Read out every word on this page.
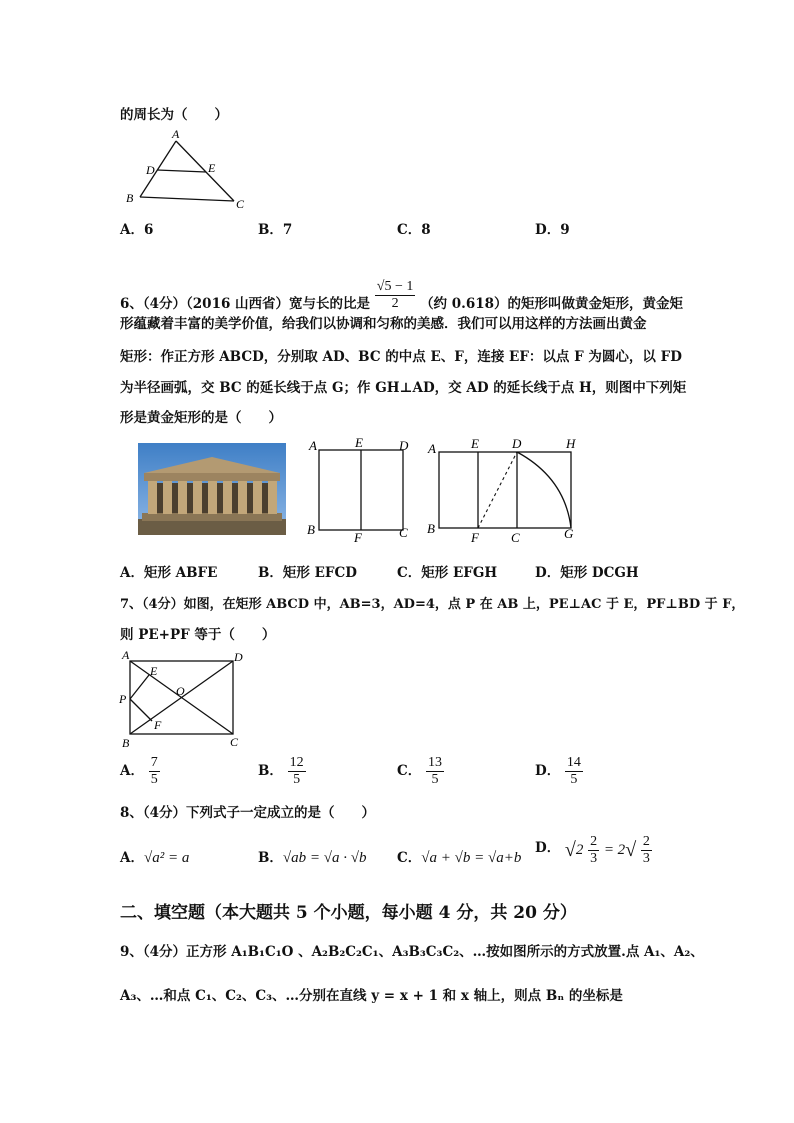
的周长为（　　）
A
D	E
B	C
A．6	B．7	C．8	D．9
6、（4分）（2016 山西省）宽与长的比是 $\frac{√5 - 1}{2}$ （约 0.618）的矩形叫做黄金矩形，黄金矩
形蕴藏着丰富的美学价值，给我们以协调和匀称的美感．我们可以用这样的方法画出黄金
矩形：作正方形 ABCD，分别取 AD、BC 的中点 E、F，连接 EF：以点 F 为圆心，以 FD
为半径画弧，交 BC 的延长线于点 G；作 GH⊥AD，交 AD 的延长线于点 H，则图中下列矩
形是黄金矩形的是（　　）
A	E	D
B
F	C
A	E	D	H
B
F C	G
A．矩形 ABFE	B．矩形 EFCD	C．矩形 EFGH	D．矩形 DCGH
7、（4分）如图，在矩形 ABCD 中，AB=3，AD=4，点 P 在 AB 上，PE⊥AC 于 E，PF⊥BD 于 F，
则 PE+PF 等于（　　）
A	D
E
O
P
F
B	C
A． $\frac{7}{5}$	B． $\frac{12}{5}$	C． $\frac{13}{5}$	D． $\frac{14}{5}$
8、（4分）下列式子一定成立的是（　　）
A．√a² = a	B．√ab = √a · √b C．√a + √b = √a+b
D． $√2 \frac{2}{3} = 2√ \frac{2}{3}$
二、填空题（本大题共 5 个小题，每小题 4 分，共 20 分）
9、（4分）正方形 A₁B₁C₁O 、A₂B₂C₂C₁、A₃B₃C₃C₂、…按如图所示的方式放置.点 A₁、A₂、
A₃、…和点 C₁、C₂、C₃、…分别在直线 y = x + 1 和 x 轴上，则点 Bₙ 的坐标是
